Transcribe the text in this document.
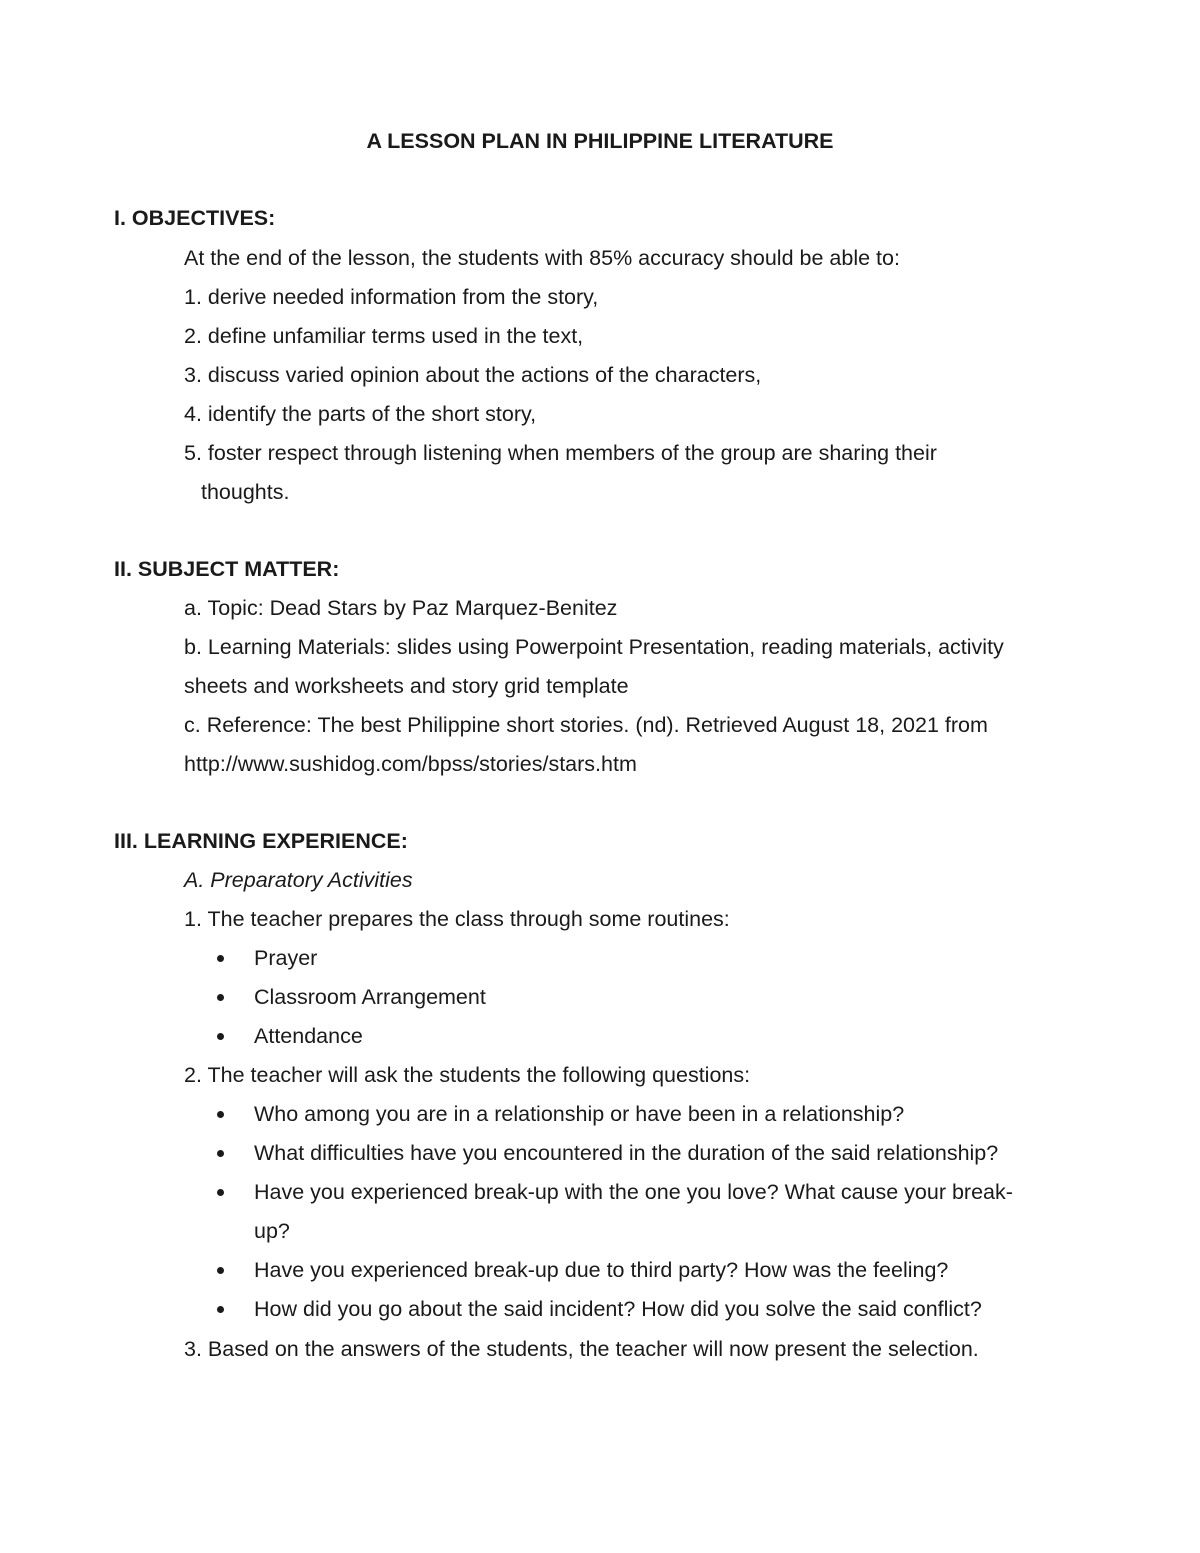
A LESSON PLAN IN PHILIPPINE LITERATURE
I. OBJECTIVES:
At the end of the lesson, the students with 85% accuracy should be able to:
1. derive needed information from the story,
2. define unfamiliar terms used in the text,
3. discuss varied opinion about the actions of the characters,
4. identify the parts of the short story,
5. foster respect through listening when members of the group are sharing their
thoughts.
II. SUBJECT MATTER:
a. Topic: Dead Stars by Paz Marquez-Benitez
b. Learning Materials: slides using Powerpoint Presentation, reading materials, activity
sheets and worksheets and story grid template
c. Reference: The best Philippine short stories. (nd). Retrieved August 18, 2021 from
http://www.sushidog.com/bpss/stories/stars.htm
III. LEARNING EXPERIENCE:
A. Preparatory Activities
1. The teacher prepares the class through some routines:
Prayer
Classroom Arrangement
Attendance
2. The teacher will ask the students the following questions:
Who among you are in a relationship or have been in a relationship?
What difficulties have you encountered in the duration of the said relationship?
Have you experienced break-up with the one you love? What cause your break-
up?
Have you experienced break-up due to third party? How was the feeling?
How did you go about the said incident? How did you solve the said conflict?
3. Based on the answers of the students, the teacher will now present the selection.
